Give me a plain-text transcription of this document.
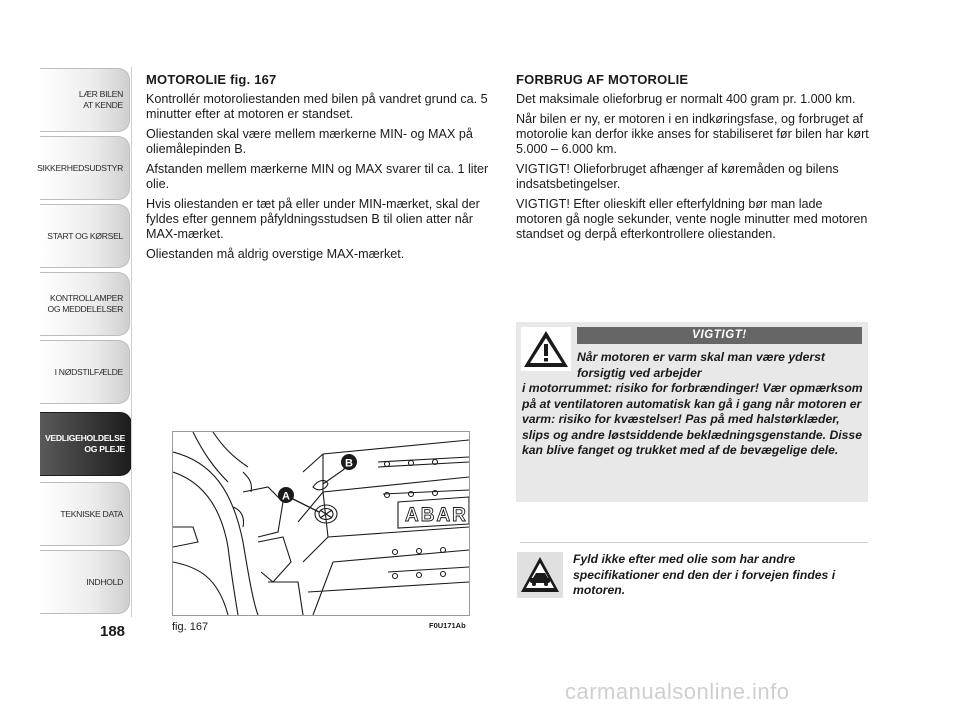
LÆR BILEN
AT KENDE
SIKKERHEDSUDSTYR
START OG KØRSEL
KONTROLLAMPER
OG MEDDELELSER
I NØDSTILFÆLDE
VEDLIGEHOLDELSE
OG PLEJE
TEKNISKE DATA
INDHOLD
188
MOTOROLIE fig. 167

Kontrollér motoroliestanden med bilen på vandret grund ca. 5 minutter efter at motoren er standset.

Oliestanden skal være mellem mærkerne MIN- og MAX på oliemålepinden B.

Afstanden mellem mærkerne MIN og MAX svarer til ca. 1 liter olie.

Hvis oliestanden er tæt på eller under MIN-mærket, skal der fyldes efter gennem påfyldningsstudsen B til olien atter når MAX-mærket.

Oliestanden må aldrig overstige MAX-mærket.

FORBRUG AF MOTOROLIE

Det maksimale olieforbrug er normalt 400 gram pr. 1.000 km.

Når bilen er ny, er motoren i en indkøringsfase, og forbruget af motorolie kan derfor ikke anses for stabiliseret før bilen har kørt 5.000 – 6.000 km.

VIGTIGT! Olieforbruget afhænger af køremåden og bilens indsatsbetingelser.

VIGTIGT! Efter olieskift eller efterfyldning bør man lade motoren gå nogle sekunder, vente nogle minutter med motoren standset og derpå efterkontrollere oliestanden.

VIGTIGT!
Når motoren er varm skal man være yderst forsigtig ved arbejder
i motorrummet: risiko for forbrændinger! Vær opmærksom på at ventilatoren automatisk kan gå i gang når motoren er varm: risiko for kvæstelser! Pas på med halstørklæder, slips og andre løstsiddende beklædningsgenstande. Disse kan blive fanget og trukket med af de bevægelige dele.
Fyld ikke efter med olie som har andre specifikationer end den der i forvejen findes i motoren.
A
B
ABAR
fig. 167	F0U171Ab
carmanualsonline.info
